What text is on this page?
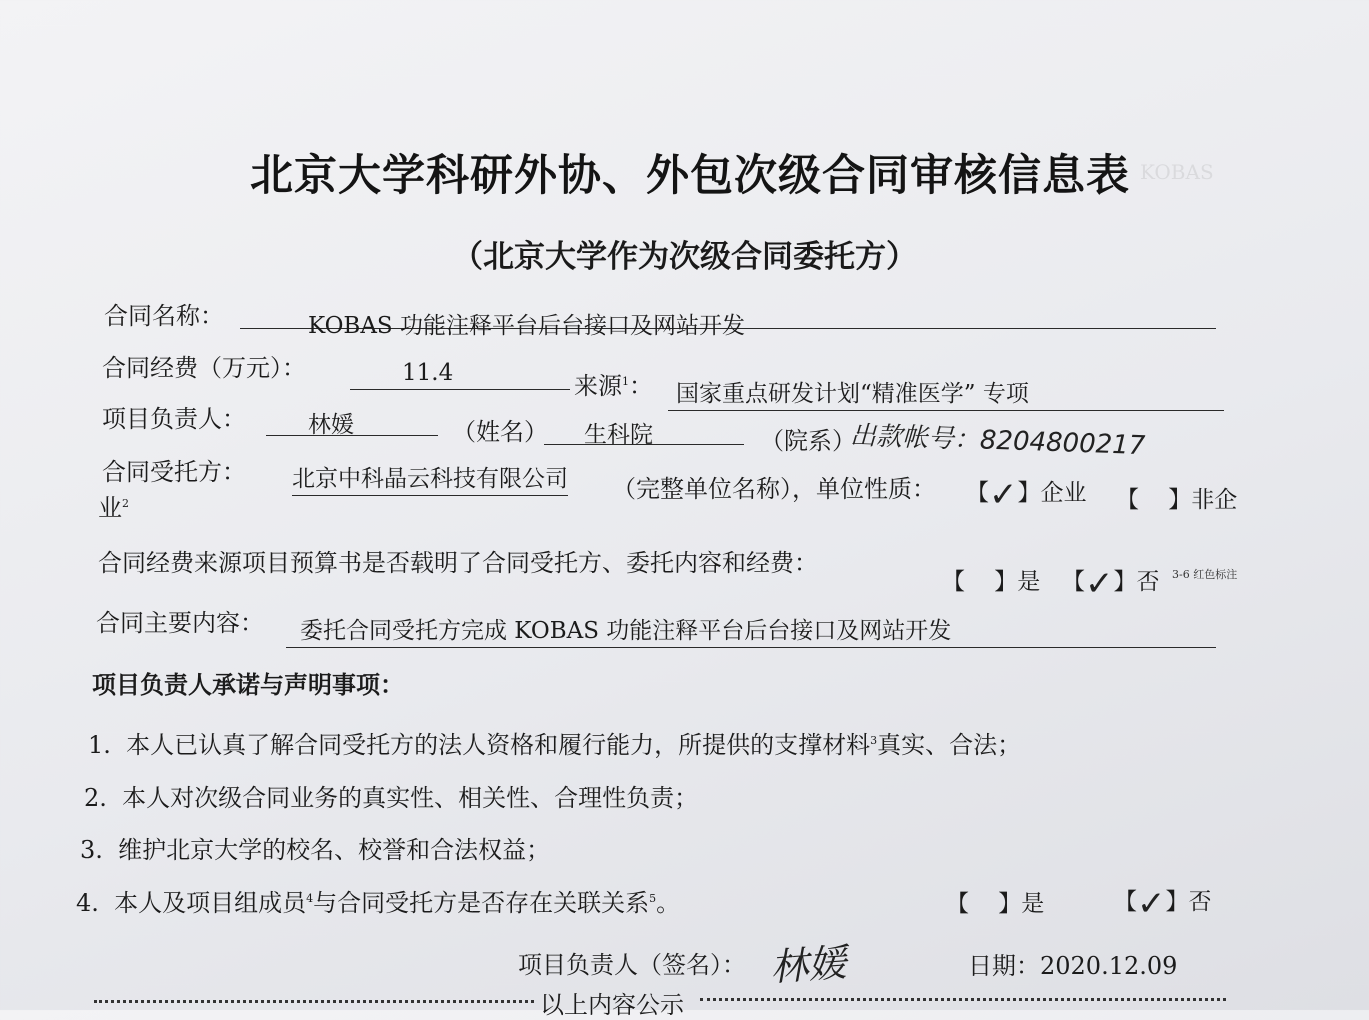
KOBAS
北京大学科研外协、外包次级合同审核信息表
（北京大学作为次级合同委托方）
合同名称：	KOBAS 功能注释平台后台接口及网站开发
合同经费（万元）：	11.4	来源$^1$： 国家重点研发计划“精准医学” 专项
项目负责人：	林媛	（姓名） 生科院	（院系）
出款帐号：8204800217
合同受托方： 北京中科晶云科技有限公司 （完整单位名称），单位性质： 【✓】企业 【    】非企
业$^2$
合同经费来源项目预算书是否载明了合同受托方、委托内容和经费：
【    】是 【✓】否 3-6 红色标注
合同主要内容： 委托合同受托方完成 KOBAS 功能注释平台后台接口及网站开发
项目负责人承诺与声明事项：
1. 本人已认真了解合同受托方的法人资格和履行能力，所提供的支撑材料$^3$真实、合法；
2. 本人对次级合同业务的真实性、相关性、合理性负责；
3. 维护北京大学的校名、校誉和合法权益；
4. 本人及项目组成员$^4$与合同受托方是否存在关联关系$^5$。	【    】是	【✓】否
项目负责人（签名）： 林媛	日期：2020.12.09
以上内容公示
